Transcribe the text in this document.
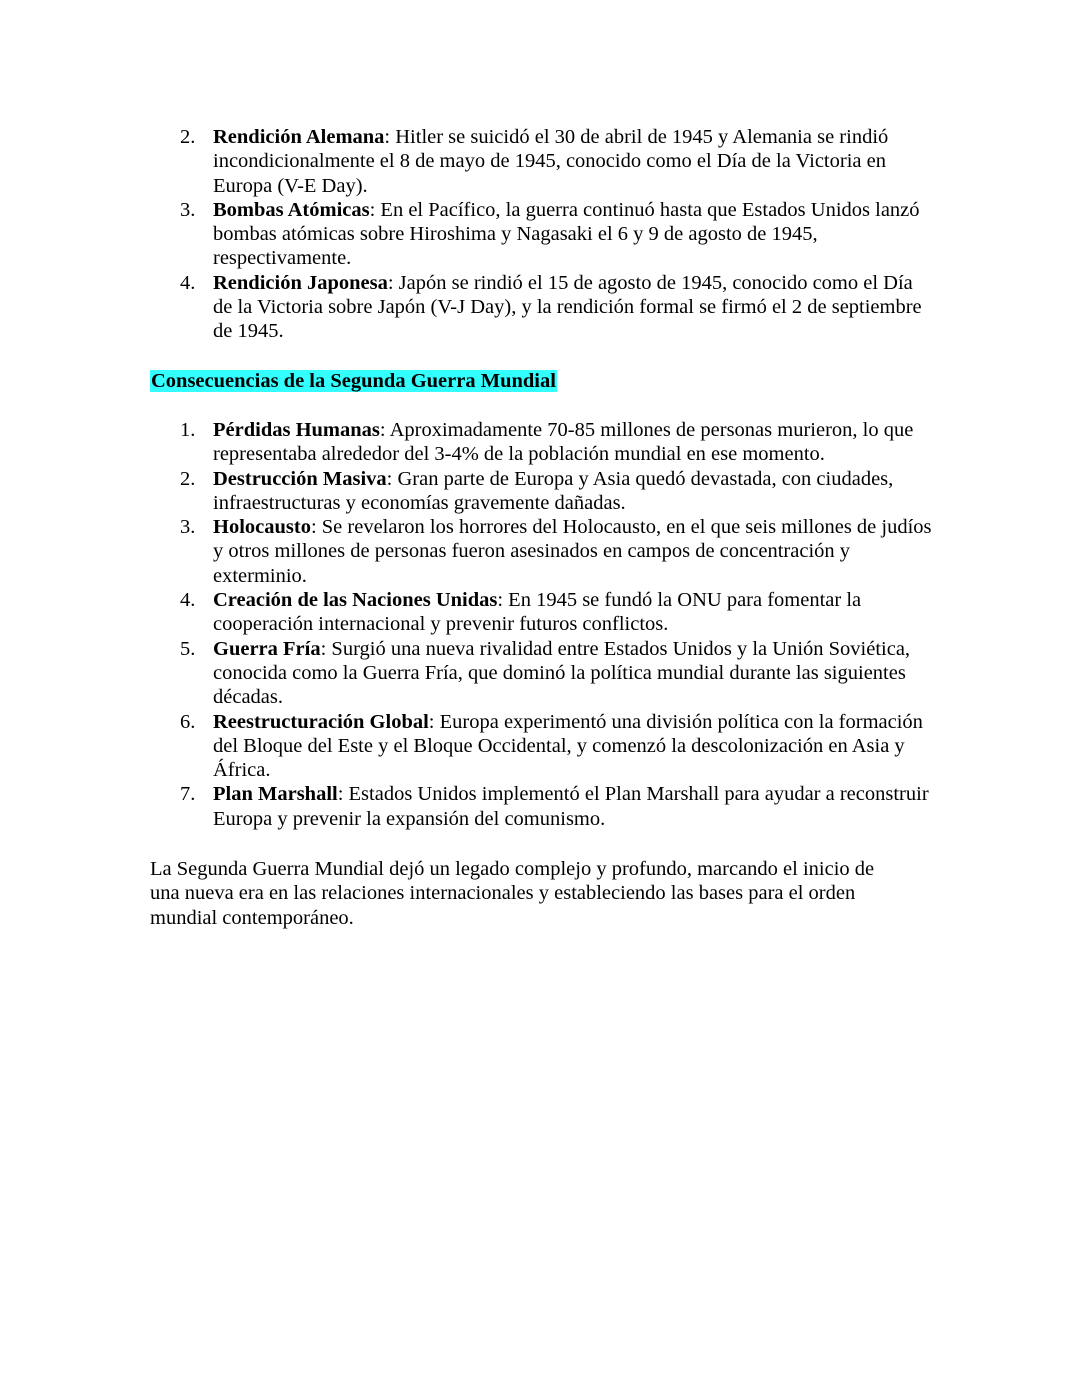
2. Rendición Alemana: Hitler se suicidó el 30 de abril de 1945 y Alemania se rindió incondicionalmente el 8 de mayo de 1945, conocido como el Día de la Victoria en Europa (V-E Day).
3. Bombas Atómicas: En el Pacífico, la guerra continuó hasta que Estados Unidos lanzó bombas atómicas sobre Hiroshima y Nagasaki el 6 y 9 de agosto de 1945, respectivamente.
4. Rendición Japonesa: Japón se rindió el 15 de agosto de 1945, conocido como el Día de la Victoria sobre Japón (V-J Day), y la rendición formal se firmó el 2 de septiembre de 1945.
Consecuencias de la Segunda Guerra Mundial
1. Pérdidas Humanas: Aproximadamente 70-85 millones de personas murieron, lo que representaba alrededor del 3-4% de la población mundial en ese momento.
2. Destrucción Masiva: Gran parte de Europa y Asia quedó devastada, con ciudades, infraestructuras y economías gravemente dañadas.
3. Holocausto: Se revelaron los horrores del Holocausto, en el que seis millones de judíos y otros millones de personas fueron asesinados en campos de concentración y exterminio.
4. Creación de las Naciones Unidas: En 1945 se fundó la ONU para fomentar la cooperación internacional y prevenir futuros conflictos.
5. Guerra Fría: Surgió una nueva rivalidad entre Estados Unidos y la Unión Soviética, conocida como la Guerra Fría, que dominó la política mundial durante las siguientes décadas.
6. Reestructuración Global: Europa experimentó una división política con la formación del Bloque del Este y el Bloque Occidental, y comenzó la descolonización en Asia y África.
7. Plan Marshall: Estados Unidos implementó el Plan Marshall para ayudar a reconstruir Europa y prevenir la expansión del comunismo.

La Segunda Guerra Mundial dejó un legado complejo y profundo, marcando el inicio de una nueva era en las relaciones internacionales y estableciendo las bases para el orden mundial contemporáneo.
